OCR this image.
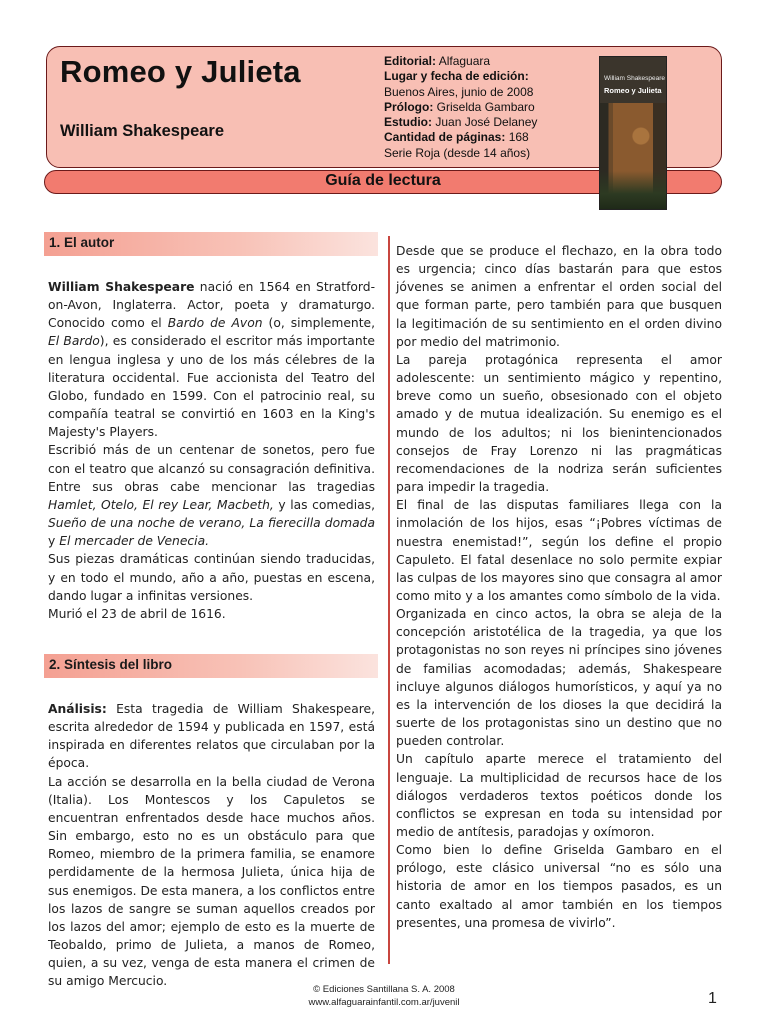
Romeo y Julieta
William Shakespeare
Editorial: Alfaguara
Lugar y fecha de edición:
Buenos Aires, junio de 2008
Prólogo: Griselda Gambaro
Estudio: Juan José Delaney
Cantidad de páginas: 168
Serie Roja (desde 14 años)
Guía de lectura
William Shakespeare
Romeo y Julieta
1. El autor

William Shakespeare nació en 1564 en Stratford-on-Avon, Inglaterra. Actor, poeta y dramaturgo. Conocido como el Bardo de Avon (o, simplemente, El Bardo), es considerado el escritor más importante en lengua inglesa y uno de los más célebres de la literatura occidental. Fue accionista del Teatro del Globo, fundado en 1599. Con el patrocinio real, su compañía teatral se convirtió en 1603 en la King's Majesty's Players.

Escribió más de un centenar de sonetos, pero fue con el teatro que alcanzó su consagración definitiva. Entre sus obras cabe mencionar las tragedias Hamlet, Otelo, El rey Lear, Macbeth, y las comedias, Sueño de una noche de verano, La fierecilla domada y El mercader de Venecia.

Sus piezas dramáticas continúan siendo traducidas, y en todo el mundo, año a año, puestas en escena, dando lugar a infinitas versiones.

Murió el 23 de abril de 1616.

2. Síntesis del libro

Análisis: Esta tragedia de William Shakespeare, escrita alrededor de 1594 y publicada en 1597, está inspirada en diferentes relatos que circulaban por la época.

La acción se desarrolla en la bella ciudad de Verona (Italia). Los Montescos y los Capuletos se encuentran enfrentados desde hace muchos años. Sin embargo, esto no es un obstáculo para que Romeo, miembro de la primera familia, se enamore perdidamente de la hermosa Julieta, única hija de sus enemigos. De esta manera, a los conflictos entre los lazos de sangre se suman aquellos creados por los lazos del amor; ejemplo de esto es la muerte de Teobaldo, primo de Julieta, a manos de Romeo, quien, a su vez, venga de esta manera el crimen de su amigo Mercucio.

Desde que se produce el flechazo, en la obra todo es urgencia; cinco días bastarán para que estos jóvenes se animen a enfrentar el orden social del que forman parte, pero también para que busquen la legitimación de su sentimiento en el orden divino por medio del matrimonio.

La pareja protagónica representa el amor adolescente: un sentimiento mágico y repentino, breve como un sueño, obsesionado con el objeto amado y de mutua idealización. Su enemigo es el mundo de los adultos; ni los bienintencionados consejos de Fray Lorenzo ni las pragmáticas recomendaciones de la nodriza serán suficientes para impedir la tragedia.

El final de las disputas familiares llega con la inmolación de los hijos, esas “¡Pobres víctimas de nuestra enemistad!”, según los define el propio Capuleto. El fatal desenlace no solo permite expiar las culpas de los mayores sino que consagra al amor como mito y a los amantes como símbolo de la vida.

Organizada en cinco actos, la obra se aleja de la concepción aristotélica de la tragedia, ya que los protagonistas no son reyes ni príncipes sino jóvenes de familias acomodadas; además, Shakespeare incluye algunos diálogos humorísticos, y aquí ya no es la intervención de los dioses la que decidirá la suerte de los protagonistas sino un destino que no pueden controlar.

Un capítulo aparte merece el tratamiento del lenguaje. La multiplicidad de recursos hace de los diálogos verdaderos textos poéticos donde los conflictos se expresan en toda su intensidad por medio de antítesis, paradojas y oxímoron.

Como bien lo define Griselda Gambaro en el prólogo, este clásico universal “no es sólo una historia de amor en los tiempos pasados, es un canto exaltado al amor también en los tiempos presentes, una promesa de vivirlo”.

© Ediciones Santillana S. A. 2008
www.alfaguarainfantil.com.ar/juvenil	1
